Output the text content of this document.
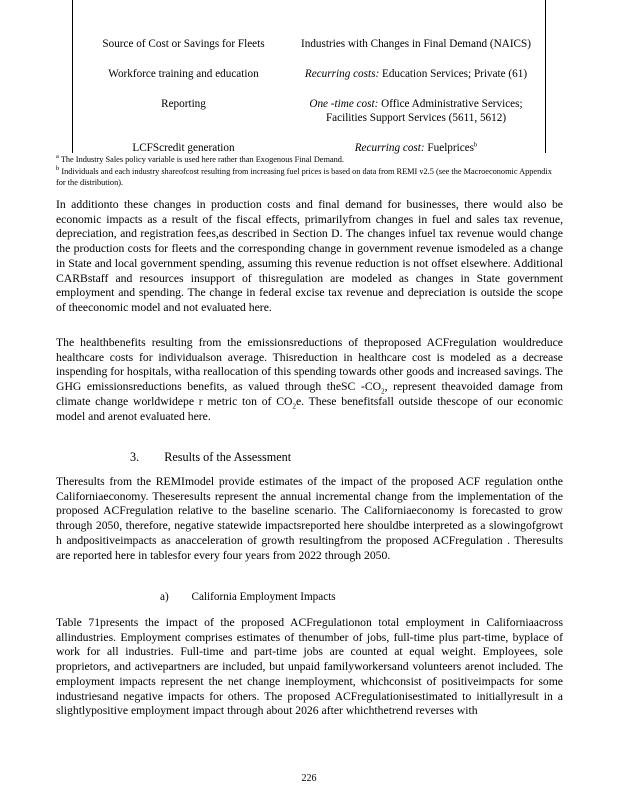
Source of Cost or Savings for Fleets	Industries with Changes in Final Demand (NAICS)
Workforce training and education	Recurring costs: Education Services; Private (61)
Reporting	One -time cost: Office Administrative Services; Facilities Support Services (5611, 5612)
LCFScredit generation	Recurring cost: Fuelprices$^b$
$^a$ The Industry Sales policy variable is used here rather than Exogenous Final Demand.
$^b$ Individuals and each industry shareofcost resulting from increasing fuel prices is based on data from REMI v2.5 (see the Macroeconomic Appendix for the distribution).
In additionto these changes in production costs and final demand for businesses, there would also be economic impacts as a result of the fiscal effects, primarilyfrom changes in fuel and sales tax revenue, depreciation, and registration fees,as described in Section D. The changes infuel tax revenue would change the production costs for fleets and the corresponding change in government revenue ismodeled as a change in State and local government spending, assuming this revenue reduction is not offset elsewhere. Additional CARBstaff and resources insupport of thisregulation are modeled as changes in State government employment and spending. The change in federal excise tax revenue and depreciation is outside the scope of theeconomic model and not evaluated here.
The healthbenefits resulting from the emissionsreductions of theproposed ACFregulation wouldreduce healthcare costs for individualson average. Thisreduction in healthcare cost is modeled as a decrease inspending for hospitals, witha reallocation of this spending towards other goods and increased savings. The GHG emissionsreductions benefits, as valued through theSC $-CO_2$, represent theavoided damage from climate change worldwidepe r metric ton of $CO_2e$. These benefitsfall outside thescope of our economic model and arenot evaluated here.
3. Results of the Assessment
Theresults from the REMImodel provide estimates of the impact of the proposed ACF regulation onthe Californiaeconomy. Theseresults represent the annual incremental change from the implementation of the proposed ACFregulation relative to the baseline scenario. The Californiaeconomy is forecasted to grow through 2050, therefore, negative statewide impactsreported here shouldbe interpreted as a slowingofgrowt h andpositiveimpacts as anacceleration of growth resultingfrom the proposed ACFregulation . Theresults are reported here in tablesfor every four years from 2022 through 2050.
a) California Employment Impacts
Table 71presents the impact of the proposed ACFregulationon total employment in Californiaacross allindustries. Employment comprises estimates of thenumber of jobs, full-time plus part-time, byplace of work for all industries. Full-time and part-time jobs are counted at equal weight. Employees, sole proprietors, and activepartners are included, but unpaid familyworkersand volunteers arenot included. The employment impacts represent the net change inemployment, whichconsist of positiveimpacts for some industriesand negative impacts for others. The proposed ACFregulationisestimated to initiallyresult in a slightlypositive employment impact through about 2026 after whichthetrend reverses with
226
